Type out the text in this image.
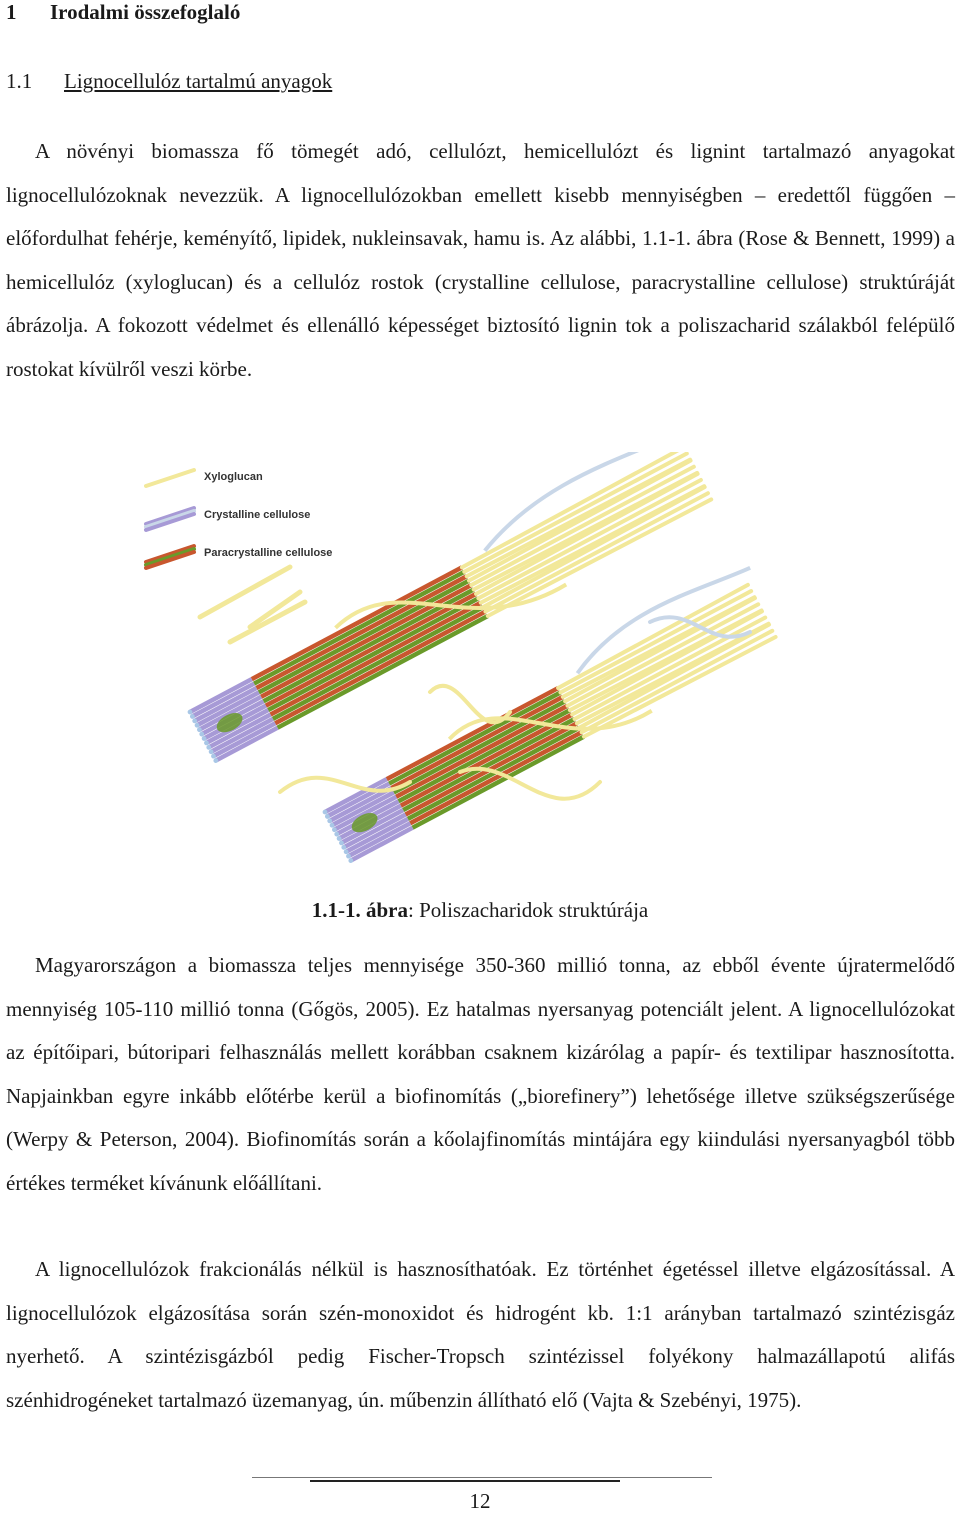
1 Irodalmi összefoglaló
1.1 Lignocellulóz tartalmú anyagok

A növényi biomassza fő tömegét adó, cellulózt, hemicellulózt és lignint tartalmazó anyagokat lignocellulózoknak nevezzük. A lignocellulózokban emellett kisebb mennyiségben – eredettől függően – előfordulhat fehérje, keményítő, lipidek, nukleinsavak, hamu is. Az alábbi, 1.1-1. ábra (Rose & Bennett, 1999) a hemicellulóz (xyloglucan) és a cellulóz rostok (crystalline cellulose, paracrystalline cellulose) struktúráját ábrázolja. A fokozott védelmet és ellenálló képességet biztosító lignin tok a poliszacharid szálakból felépülő rostokat kívülről veszi körbe.

Xyloglucan
Crystalline cellulose
Paracrystalline cellulose

1.1-1. ábra: Poliszacharidok struktúrája

Magyarországon a biomassza teljes mennyisége 350-360 millió tonna, az ebből évente újratermelődő mennyiség 105-110 millió tonna (Gőgös, 2005). Ez hatalmas nyersanyag potenciált jelent. A lignocellulózokat az építőipari, bútoripari felhasználás mellett korábban csaknem kizárólag a papír- és textilipar hasznosította. Napjainkban egyre inkább előtérbe kerül a biofinomítás („biorefinery”) lehetősége illetve szükségszerűsége (Werpy & Peterson, 2004). Biofinomítás során a kőolajfinomítás mintájára egy kiindulási nyersanyagból több értékes terméket kívánunk előállítani.

A lignocellulózok frakcionálás nélkül is hasznosíthatóak. Ez történhet égetéssel illetve elgázosítással. A lignocellulózok elgázosítása során szén-monoxidot és hidrogént kb. 1:1 arányban tartalmazó szintézisgáz nyerhető. A szintézisgázból pedig Fischer-Tropsch szintézissel folyékony halmazállapotú alifás szénhidrogéneket tartalmazó üzemanyag, ún. műbenzin állítható elő (Vajta & Szebényi, 1975).

12
